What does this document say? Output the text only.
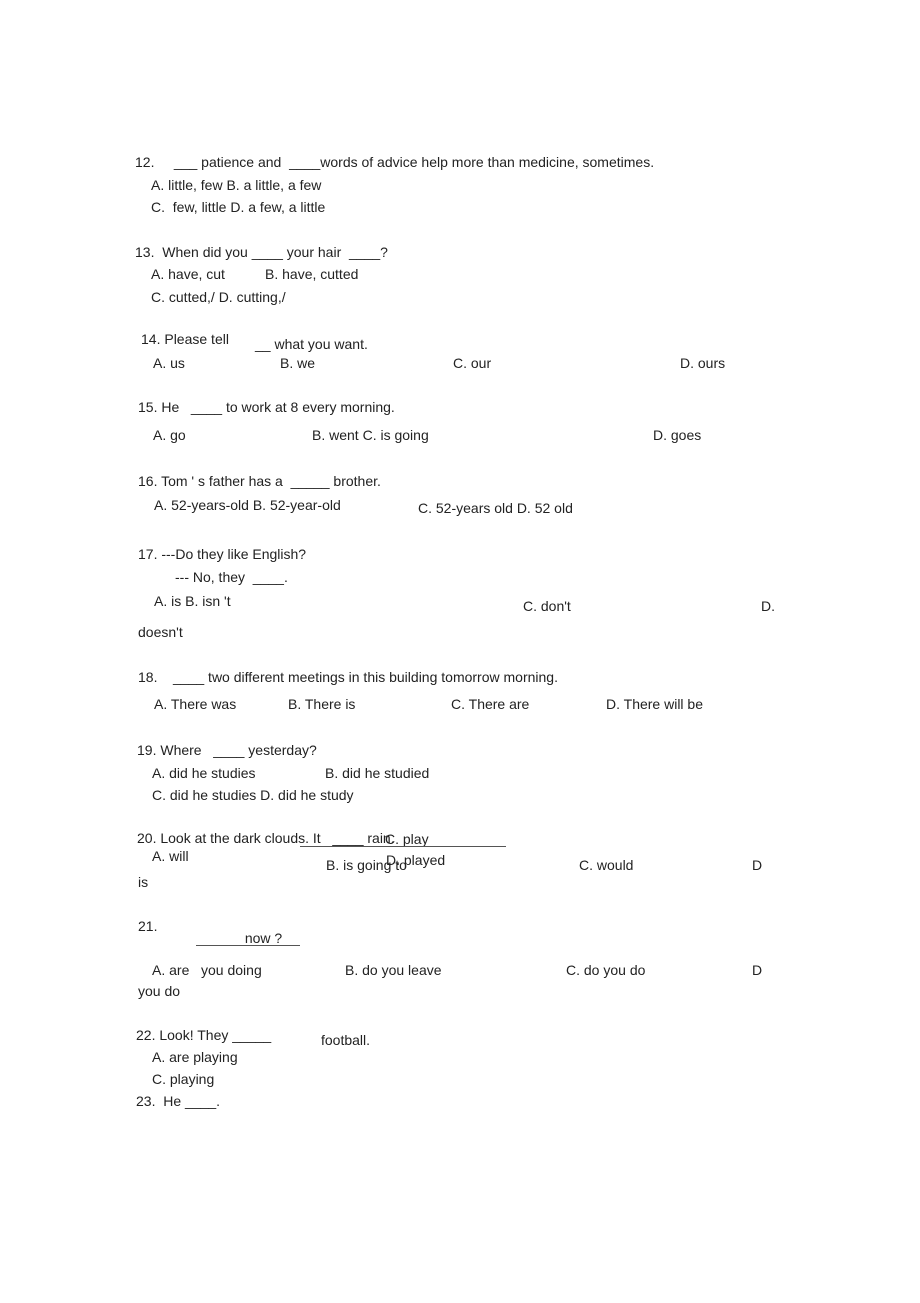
12.     ___ patience and  ____words of advice help more than medicine, sometimes.
A. little, few B. a little, a few
C.  few, little D. a few, a little
13.  When did you ____ your hair  ____?
A. have, cut	B. have, cutted
C. cutted,/ D. cutting,/
14. Please tell __ what you want.
A. us	B. we	C. our	D. ours
15. He   ____ to work at 8 every morning.
A. go	B. went C. is going	D. goes
16. Tom ' s father has a  _____ brother.
A. 52-years-old B. 52-year-old	C. 52-years old D. 52 old
17. ---Do they like English?
--- No, they  ____.
A. is B. isn 't	C. don't	D.
doesn't
18.    ____ two different meetings in this building tomorrow morning.
A. There was	B. There is	C. There are	D. There will be
19. Where   ____ yesterday?
A. did he studies	B. did he studied
C. did he studies D. did he study
20. Look at the dark clouds. It   ____ rain.
C. play
A. will	D. played
B. is going to	C. would	D
is
21.
_____ now ?
A. are   you doing	B. do you leave	C. do you do	D
you do
22. Look! They _____	football.
A. are playing
C. playing
23.  He ____.
